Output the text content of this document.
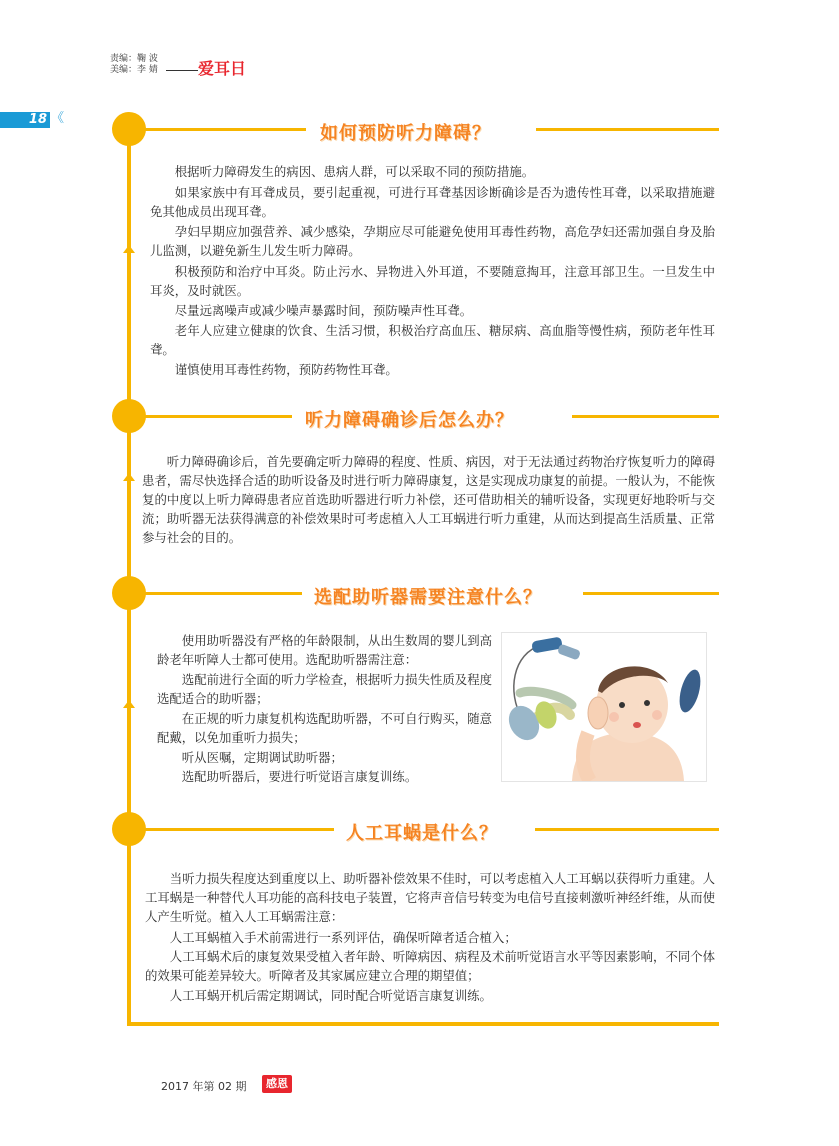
责编：鞠 波
美编：李 婧	爱耳日
18 《
如何预防听力障碍？
根据听力障碍发生的病因、患病人群，可以采取不同的预防措施。
如果家族中有耳聋成员，要引起重视，可进行耳聋基因诊断确诊是否为遗传性耳聋，以采取措施避免其他成员出现耳聋。
孕妇早期应加强营养、减少感染，孕期应尽可能避免使用耳毒性药物，高危孕妇还需加强自身及胎儿监测，以避免新生儿发生听力障碍。
积极预防和治疗中耳炎。防止污水、异物进入外耳道，不要随意掏耳，注意耳部卫生。一旦发生中耳炎，及时就医。
尽量远离噪声或减少噪声暴露时间，预防噪声性耳聋。
老年人应建立健康的饮食、生活习惯，积极治疗高血压、糖尿病、高血脂等慢性病，预防老年性耳聋。
谨慎使用耳毒性药物，预防药物性耳聋。
听力障碍确诊后怎么办？
听力障碍确诊后，首先要确定听力障碍的程度、性质、病因，对于无法通过药物治疗恢复听力的障碍患者，需尽快选择合适的助听设备及时进行听力障碍康复，这是实现成功康复的前提。一般认为，不能恢复的中度以上听力障碍患者应首选助听器进行听力补偿，还可借助相关的辅听设备，实现更好地聆听与交流；助听器无法获得满意的补偿效果时可考虑植入人工耳蜗进行听力重建，从而达到提高生活质量、正常参与社会的目的。
选配助听器需要注意什么？
使用助听器没有严格的年龄限制，从出生数周的婴儿到高龄老年听障人士都可使用。选配助听器需注意：
选配前进行全面的听力学检查，根据听力损失性质及程度选配适合的助听器；
在正规的听力康复机构选配助听器，不可自行购买，随意配戴，以免加重听力损失；
听从医嘱，定期调试助听器；
选配助听器后，要进行听觉语言康复训练。
人工耳蜗是什么？
当听力损失程度达到重度以上、助听器补偿效果不佳时，可以考虑植入人工耳蜗以获得听力重建。人工耳蜗是一种替代人耳功能的高科技电子装置，它将声音信号转变为电信号直接刺激听神经纤维，从而使人产生听觉。植入人工耳蜗需注意：
人工耳蜗植入手术前需进行一系列评估，确保听障者适合植入；
人工耳蜗术后的康复效果受植入者年龄、听障病因、病程及术前听觉语言水平等因素影响，不同个体的效果可能差异较大。听障者及其家属应建立合理的期望值；
人工耳蜗开机后需定期调试，同时配合听觉语言康复训练。
2017 年第 02 期	感恩
